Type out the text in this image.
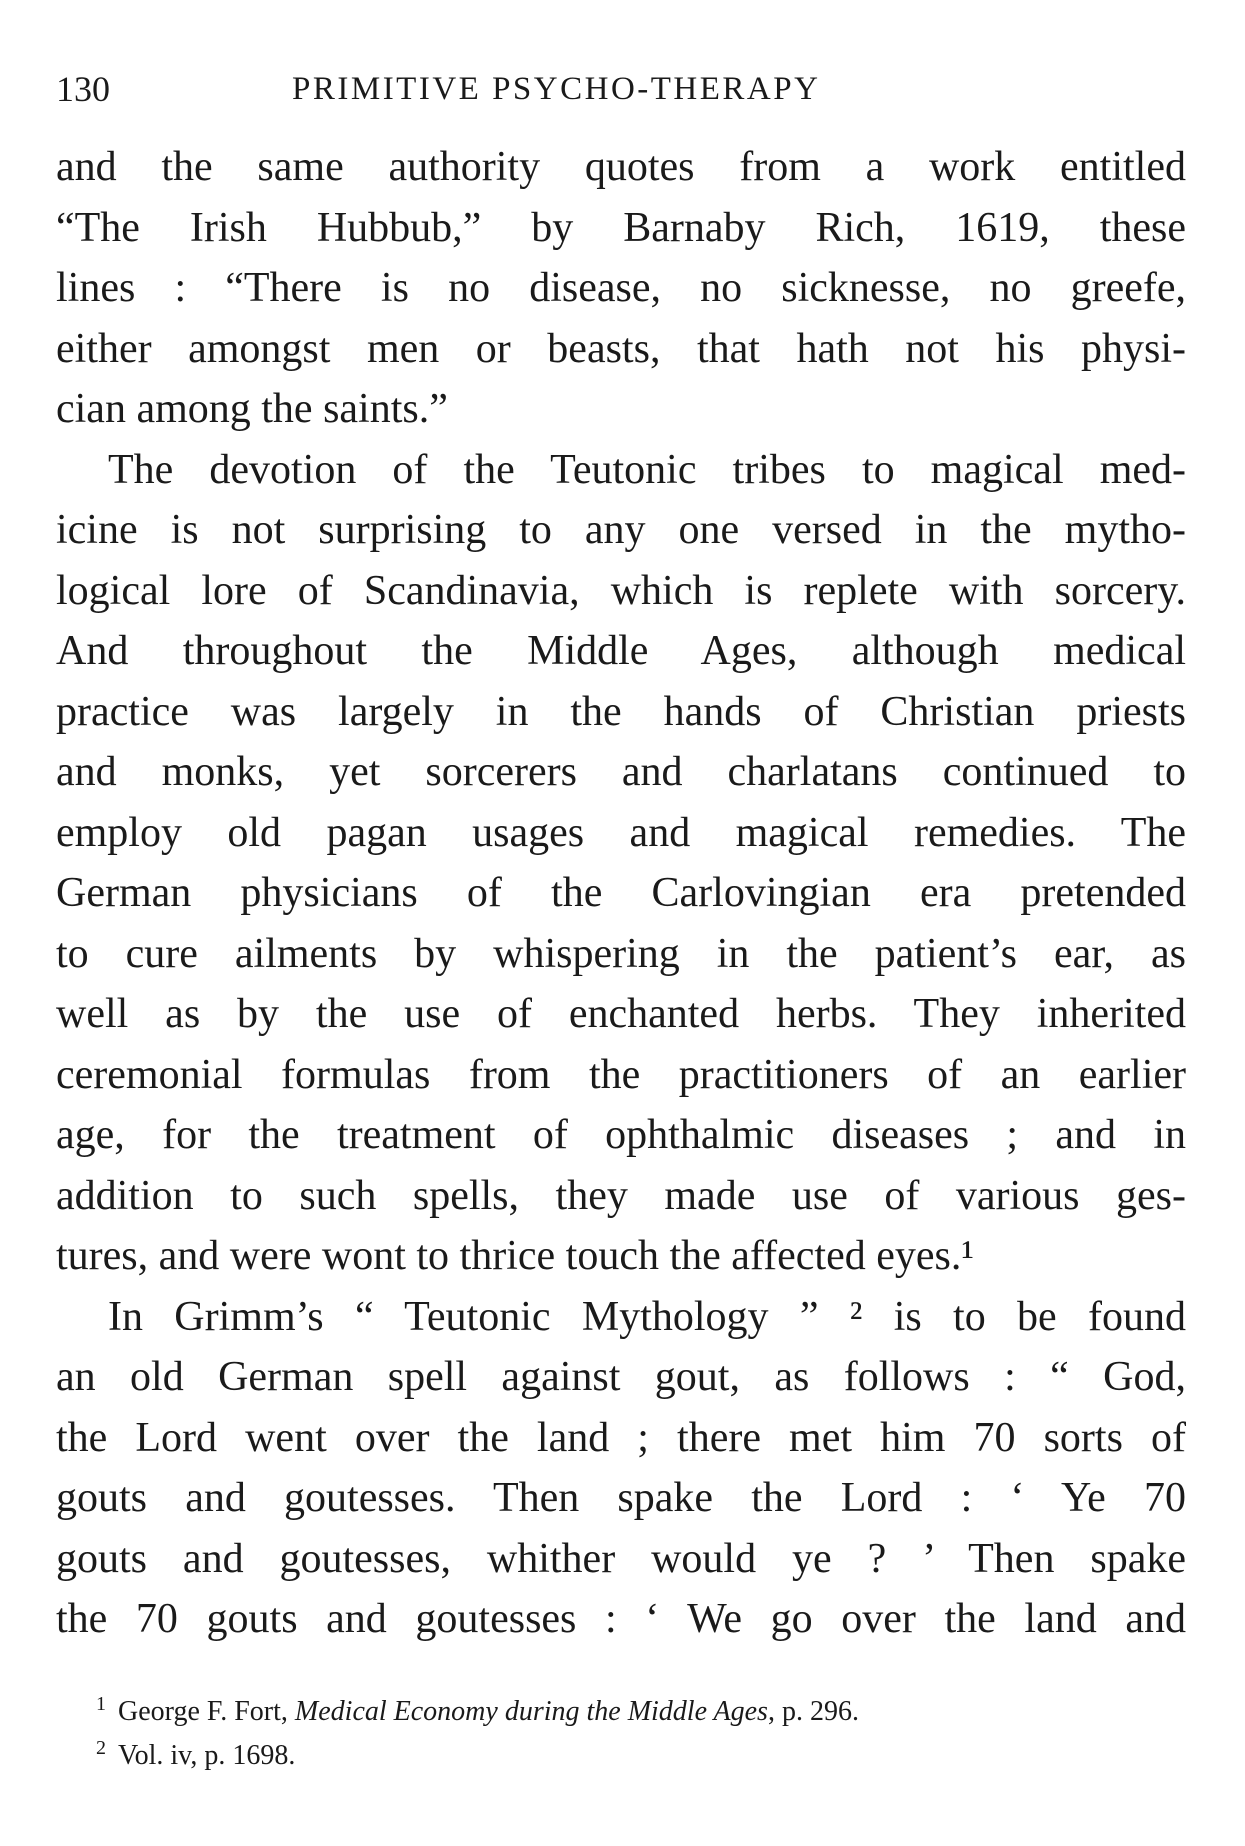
130	PRIMITIVE PSYCHO-THERAPY
and the same authority quotes from a work entitled
“The Irish Hubbub,” by Barnaby Rich, 1619, these
lines : “There is no disease, no sicknesse, no greefe,
either amongst men or beasts, that hath not his physi-
cian among the saints.”
The devotion of the Teutonic tribes to magical med-
icine is not surprising to any one versed in the mytho-
logical lore of Scandinavia, which is replete with sorcery.
And throughout the Middle Ages, although medical
practice was largely in the hands of Christian priests
and monks, yet sorcerers and charlatans continued to
employ old pagan usages and magical remedies. The
German physicians of the Carlovingian era pretended
to cure ailments by whispering in the patient’s ear, as
well as by the use of enchanted herbs. They inherited
ceremonial formulas from the practitioners of an earlier
age, for the treatment of ophthalmic diseases ; and in
addition to such spells, they made use of various ges-
tures, and were wont to thrice touch the affected eyes.¹
In Grimm’s “ Teutonic Mythology ” ² is to be found
an old German spell against gout, as follows : “ God,
the Lord went over the land ; there met him 70 sorts of
gouts and goutesses. Then spake the Lord : ‘ Ye 70
gouts and goutesses, whither would ye ? ’ Then spake
the 70 gouts and goutesses : ‘ We go over the land and
$^1$ George F. Fort, Medical Economy during the Middle Ages, p. 296.
$^2$ Vol. iv, p. 1698.
